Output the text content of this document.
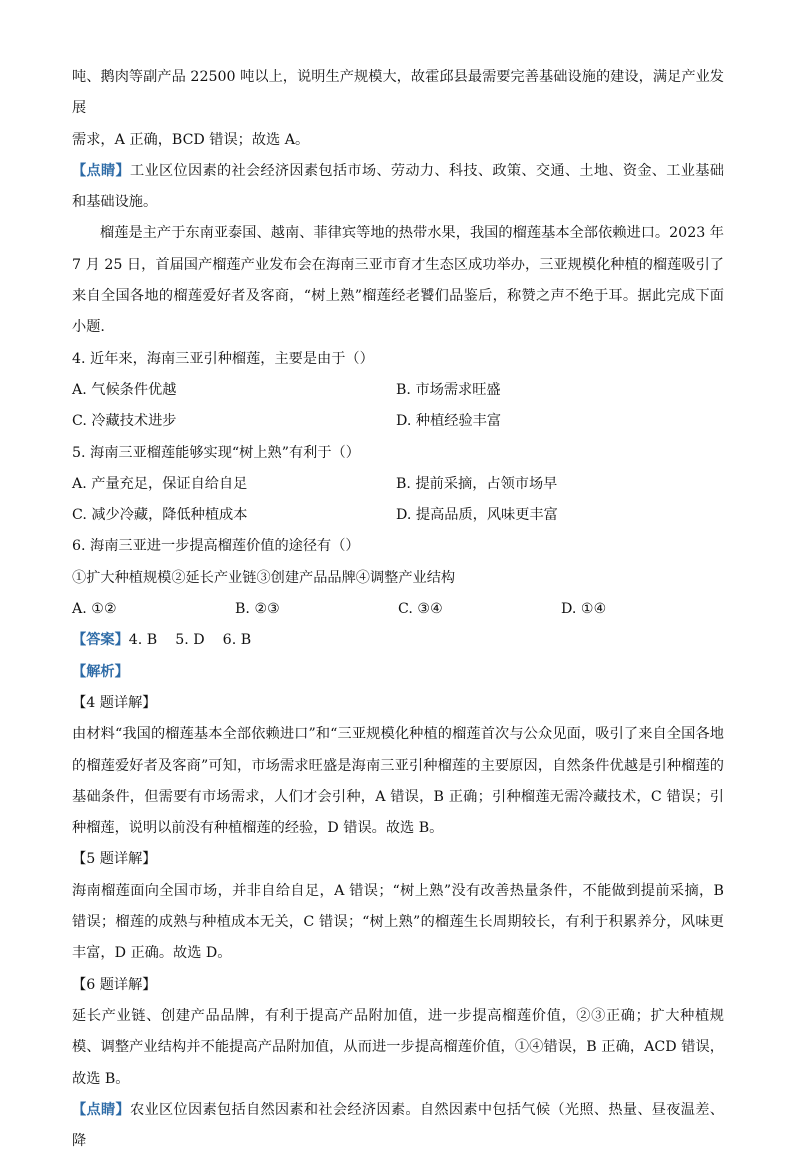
吨、鹅肉等副产品 22500 吨以上，说明生产规模大，故霍邱县最需要完善基础设施的建设，满足产业发展
需求，A 正确，BCD 错误；故选 A。

【点睛】工业区位因素的社会经济因素包括市场、劳动力、科技、政策、交通、土地、资金、工业基础和基础设施。

榴莲是主产于东南亚泰国、越南、菲律宾等地的热带水果，我国的榴莲基本全部依赖进口。2023 年 7 月 25 日，首届国产榴莲产业发布会在海南三亚市育才生态区成功举办，三亚规模化种植的榴莲吸引了来自全国各地的榴莲爱好者及客商，“树上熟”榴莲经老饕们品鉴后，称赞之声不绝于耳。据此完成下面小题.

4. 近年来，海南三亚引种榴莲，主要是由于（）
A. 气候条件优越	B. 市场需求旺盛
C. 冷藏技术进步	D. 种植经验丰富
5. 海南三亚榴莲能够实现“树上熟”有利于（）
A. 产量充足，保证自给自足	B. 提前采摘，占领市场早
C. 减少冷藏，降低种植成本	D. 提高品质，风味更丰富
6. 海南三亚进一步提高榴莲价值的途径有（）
①扩大种植规模②延长产业链③创建产品品牌④调整产业结构
A. ①②	B. ②③	C. ③④	D. ①④
【答案】4. B 5. D 6. B
【解析】
【4 题详解】

由材料“我国的榴莲基本全部依赖进口”和“三亚规模化种植的榴莲首次与公众见面，吸引了来自全国各地的榴莲爱好者及客商”可知，市场需求旺盛是海南三亚引种榴莲的主要原因，自然条件优越是引种榴莲的基础条件，但需要有市场需求，人们才会引种，A 错误，B 正确；引种榴莲无需冷藏技术，C 错误；引种榴莲，说明以前没有种植榴莲的经验，D 错误。故选 B。

【5 题详解】

海南榴莲面向全国市场，并非自给自足，A 错误；“树上熟”没有改善热量条件，不能做到提前采摘，B 错误；榴莲的成熟与种植成本无关，C 错误；“树上熟”的榴莲生长周期较长，有利于积累养分，风味更丰富，D 正确。故选 D。

【6 题详解】

延长产业链、创建产品品牌，有利于提高产品附加值，进一步提高榴莲价值，②③正确；扩大种植规模、调整产业结构并不能提高产品附加值，从而进一步提高榴莲价值，①④错误，B 正确，ACD 错误，故选 B。

【点睛】农业区位因素包括自然因素和社会经济因素。自然因素中包括气候（光照、热量、昼夜温差、降
